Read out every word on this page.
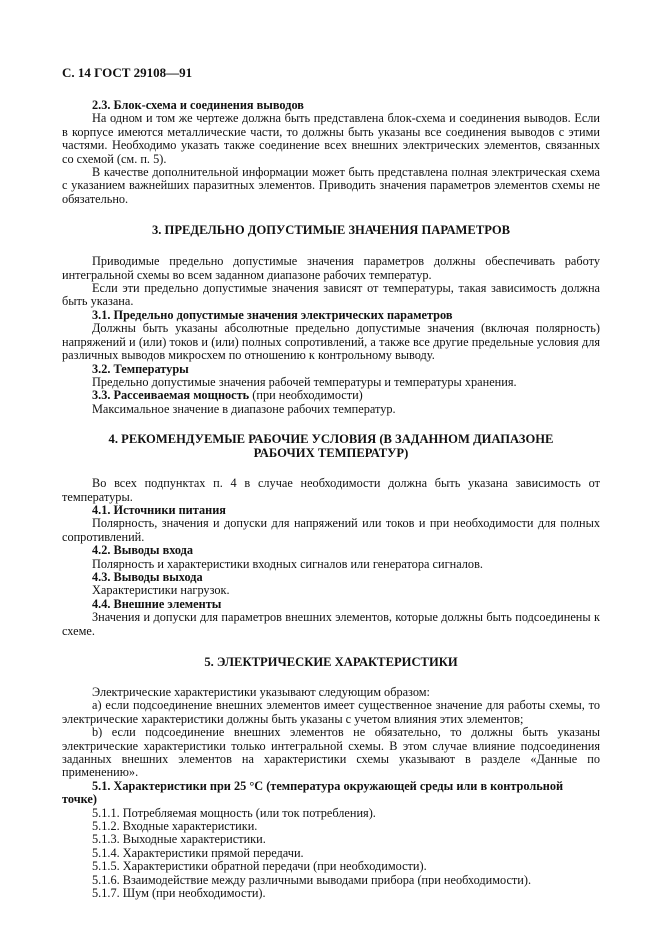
С. 14 ГОСТ 29108—91

2.3. Блок-схема и соединения выводов

На одном и том же чертеже должна быть представлена блок-схема и соединения выводов. Если в корпусе имеются металлические части, то должны быть указаны все соединения выводов с этими частями. Необходимо указать также соединение всех внешних электрических элементов, связанных со схемой (см. п. 5).

В качестве дополнительной информации может быть представлена полная электрическая схема с указанием важнейших паразитных элементов. Приводить значения параметров элементов схемы не обязательно.

3. ПРЕДЕЛЬНО ДОПУСТИМЫЕ ЗНАЧЕНИЯ ПАРАМЕТРОВ

Приводимые предельно допустимые значения параметров должны обеспечивать работу интегральной схемы во всем заданном диапазоне рабочих температур.

Если эти предельно допустимые значения зависят от температуры, такая зависимость должна быть указана.

3.1. Предельно допустимые значения электрических параметров

Должны быть указаны абсолютные предельно допустимые значения (включая полярность) напряжений и (или) токов и (или) полных сопротивлений, а также все другие предельные условия для различных выводов микросхем по отношению к контрольному выводу.

3.2. Температуры

Предельно допустимые значения рабочей температуры и температуры хранения.

3.3. Рассеиваемая мощность (при необходимости)

Максимальное значение в диапазоне рабочих температур.

4. РЕКОМЕНДУЕМЫЕ РАБОЧИЕ УСЛОВИЯ (В ЗАДАННОМ ДИАПАЗОНЕ
РАБОЧИХ ТЕМПЕРАТУР)

Во всех подпунктах п. 4 в случае необходимости должна быть указана зависимость от температуры.

4.1. Источники питания

Полярность, значения и допуски для напряжений или токов и при необходимости для полных сопротивлений.

4.2. Выводы входа

Полярность и характеристики входных сигналов или генератора сигналов.

4.3. Выводы выхода

Характеристики нагрузок.

4.4. Внешние элементы

Значения и допуски для параметров внешних элементов, которые должны быть подсоединены к схеме.

5. ЭЛЕКТРИЧЕСКИЕ ХАРАКТЕРИСТИКИ

Электрические характеристики указывают следующим образом:

а) если подсоединение внешних элементов имеет существенное значение для работы схемы, то электрические характеристики должны быть указаны с учетом влияния этих элементов;

b) если подсоединение внешних элементов не обязательно, то должны быть указаны электрические характеристики только интегральной схемы. В этом случае влияние подсоединения заданных внешних элементов на характеристики схемы указывают в разделе «Данные по применению».

5.1. Характеристики при 25 °С (температура окружающей среды или в контрольной точке)

5.1.1. Потребляемая мощность (или ток потребления).

5.1.2. Входные характеристики.

5.1.3. Выходные характеристики.

5.1.4. Характеристики прямой передачи.

5.1.5. Характеристики обратной передачи (при необходимости).

5.1.6. Взаимодействие между различными выводами прибора (при необходимости).

5.1.7. Шум (при необходимости).
